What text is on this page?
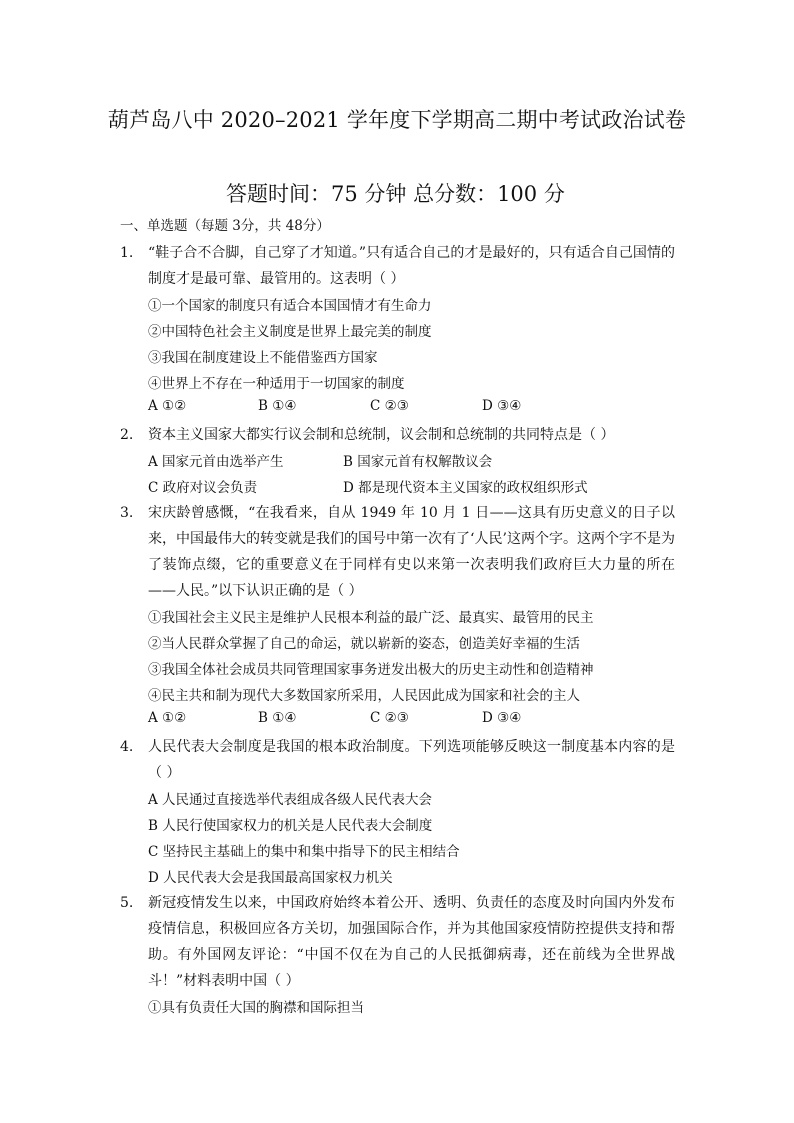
葫芦岛八中 2020–2021 学年度下学期高二期中考试政治试卷
答题时间：75 分钟 总分数：100 分
一、单选题（每题 3分，共 48分）
1.	“鞋子合不合脚，自己穿了才知道。”只有适合自己的才是最好的，只有适合自己国情的制度才是最可靠、最管用的。这表明（ ）
①一个国家的制度只有适合本国国情才有生命力
②中国特色社会主义制度是世界上最完美的制度
③我国在制度建设上不能借鉴西方国家
④世界上不存在一种适用于一切国家的制度
A ①②	B ①④	C ②③	D ③④
2.	资本主义国家大都实行议会制和总统制，议会制和总统制的共同特点是（ ）
A 国家元首由选举产生	B 国家元首有权解散议会
C 政府对议会负责	D 都是现代资本主义国家的政权组织形式
3.	宋庆龄曾感慨，“在我看来，自从 1949 年 10 月 1 日——这具有历史意义的日子以来，中国最伟大的转变就是我们的国号中第一次有了‘人民’这两个字。这两个字不是为了装饰点缀，它的重要意义在于同样有史以来第一次表明我们政府巨大力量的所在——人民。”以下认识正确的是（ ）
①我国社会主义民主是维护人民根本利益的最广泛、最真实、最管用的民主
②当人民群众掌握了自己的命运，就以崭新的姿态，创造美好幸福的生活
③我国全体社会成员共同管理国家事务迸发出极大的历史主动性和创造精神
④民主共和制为现代大多数国家所采用，人民因此成为国家和社会的主人
A ①②	B ①④	C ②③	D ③④
4.	人民代表大会制度是我国的根本政治制度。下列选项能够反映这一制度基本内容的是（ ）
A 人民通过直接选举代表组成各级人民代表大会
B 人民行使国家权力的机关是人民代表大会制度
C 坚持民主基础上的集中和集中指导下的民主相结合
D 人民代表大会是我国最高国家权力机关
5.	新冠疫情发生以来，中国政府始终本着公开、透明、负责任的态度及时向国内外发布疫情信息，积极回应各方关切，加强国际合作，并为其他国家疫情防控提供支持和帮助。有外国网友评论：“中国不仅在为自己的人民抵御病毒，还在前线为全世界战斗！”材料表明中国（ ）
①具有负责任大国的胸襟和国际担当
